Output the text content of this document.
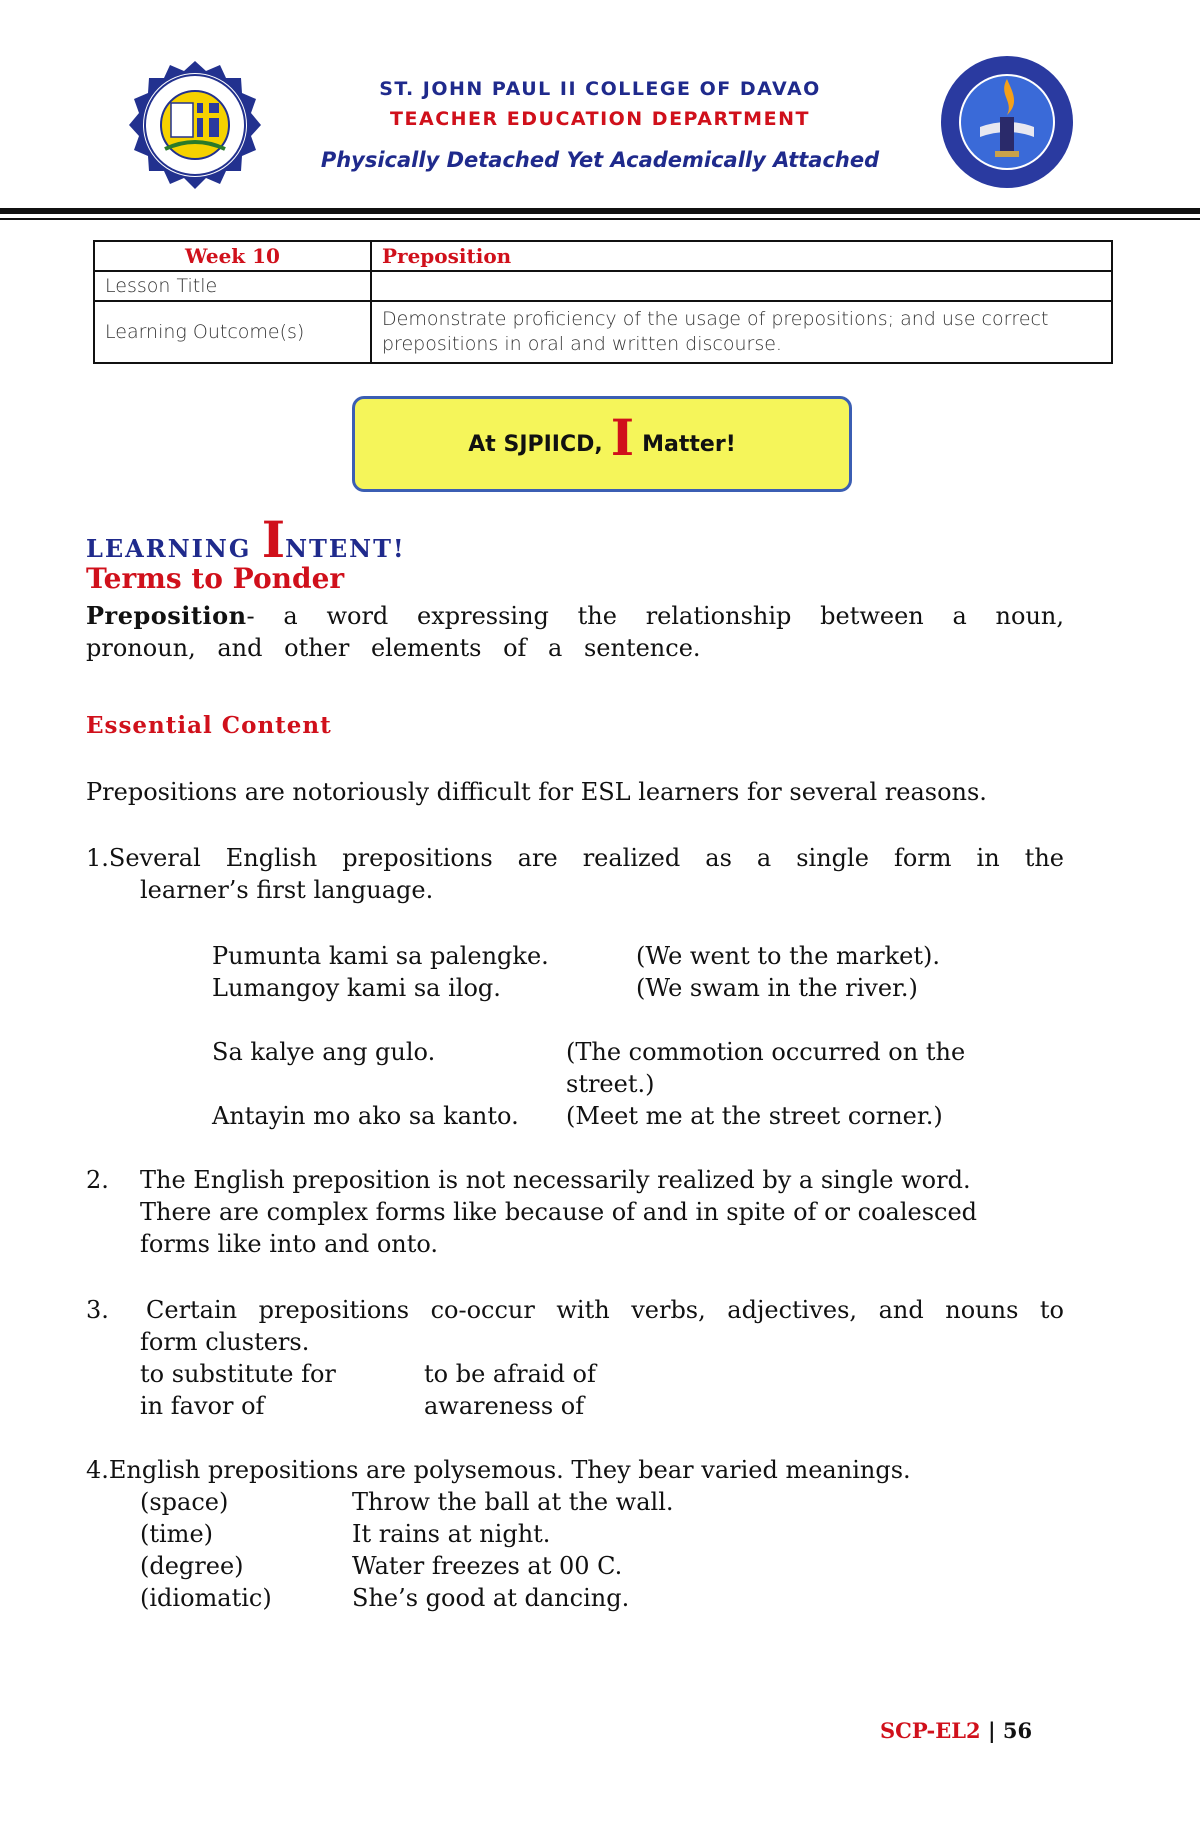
ST. JOHN PAUL II COLLEGE OF DAVAO
TEACHER EDUCATION DEPARTMENT
Physically Detached Yet Academically Attached
Week 10	Preposition
Lesson Title	
Learning Outcome(s)	Demonstrate proficiency of the usage of prepositions; and use correct prepositions in oral and written discourse.
At SJPIICD, I Matter!
LEARNING INTENT!
Terms to Ponder
Preposition- a word expressing the relationship between a noun, pronoun, and other elements of a sentence.
Essential Content
Prepositions are notoriously difficult for ESL learners for several reasons.
1.Several English prepositions are realized as a single form in the
learner’s first language.
Pumunta kami sa palengke.	(We went to the market).
Lumangoy kami sa ilog.	(We swam in the river.)
Sa kalye ang gulo.	(The commotion occurred on the
street.)
Antayin mo ako sa kanto. (Meet me at the street corner.)
2. The English preposition is not necessarily realized by a single word.
There are complex forms like because of and in spite of or coalesced
forms like into and onto.
3. Certain prepositions co-occur with verbs, adjectives, and nouns to
form clusters.
to substitute for	to be afraid of
in favor of	awareness of
4.English prepositions are polysemous. They bear varied meanings.
(space)	Throw the ball at the wall.
(time)	It rains at night.
(degree)	Water freezes at 00 C.
(idiomatic)	She’s good at dancing.
SCP-EL2 | 56
